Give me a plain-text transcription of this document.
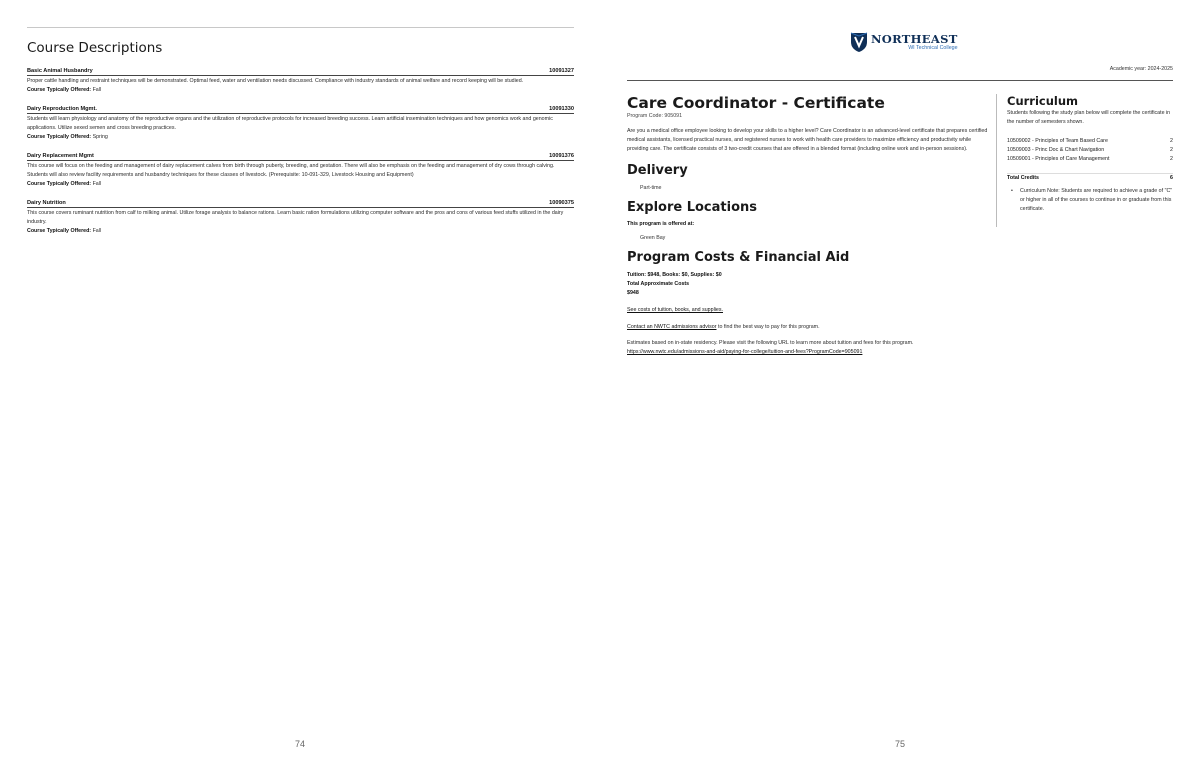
Course Descriptions
Basic Animal Husbandry	10091327

Proper cattle handling and restraint techniques will be demonstrated. Optimal feed, water and ventilation needs discussed. Compliance with industry standards of animal welfare and record keeping will be studied.

Course Typically Offered: Fall

Dairy Reproduction Mgmt.	10091330

Students will learn physiology and anatomy of the reproductive organs and the utilization of reproductive protocols for increased breeding success. Learn artificial insemination techniques and how genomics work and genomic applications. Utilize sexed semen and cross breeding practices.

Course Typically Offered: Spring

Dairy Replacement Mgmt	10091376

This course will focus on the feeding and management of dairy replacement calves from birth through puberty, breeding, and gestation. There will also be emphasis on the feeding and management of dry cows through calving. Students will also review facility requirements and husbandry techniques for these classes of livestock. (Prerequisite: 10-091-329, Livestock Housing and Equipment)

Course Typically Offered: Fall

Dairy Nutrition	10090375

This course covers ruminant nutrition from calf to milking animal. Utilize forage analysis to balance rations. Learn basic ration formulations utilizing computer software and the pros and cons of various feed stuffs utilized in the dairy industry.

Course Typically Offered: Fall

74
NORTHEAST
WI Technical College
Academic year: 2024-2025
Care Coordinator - Certificate
Program Code: 905091

Are you a medical office employee looking to develop your skills to a higher level? Care Coordinator is an advanced-level certificate that prepares certified medical assistants, licensed practical nurses, and registered nurses to work with health care providers to maximize efficiency and productivity while providing care. The certificate consists of 3 two-credit courses that are offered in a blended format (including online work and in-person sessions).

Delivery
Part-time
Explore Locations
This program is offered at:
Green Bay
Program Costs & Financial Aid
Tuition: $948, Books: $0, Supplies: $0
Total Approximate Costs
$948
See costs of tuition, books, and supplies.

Contact an NWTC admissions advisor to find the best way to pay for this program.

Estimates based on in-state residency. Please visit the following URL to learn more about tuition and fees for this program.
https://www.nwtc.edu/admissions-and-aid/paying-for-college/tuition-and-fees?ProgramCode=905091

Curriculum

Students following the study plan below will complete the certificate in the number of semesters shown.

10509002 - Principles of Team Based Care	2
10509003 - Princ Doc & Chart Navigation	2
10509001 - Principles of Care Management	2
Total Credits	6
• Curriculum Note: Students are required to achieve a grade of "C" or higher in all of the courses to continue in or graduate from this certificate.
75
